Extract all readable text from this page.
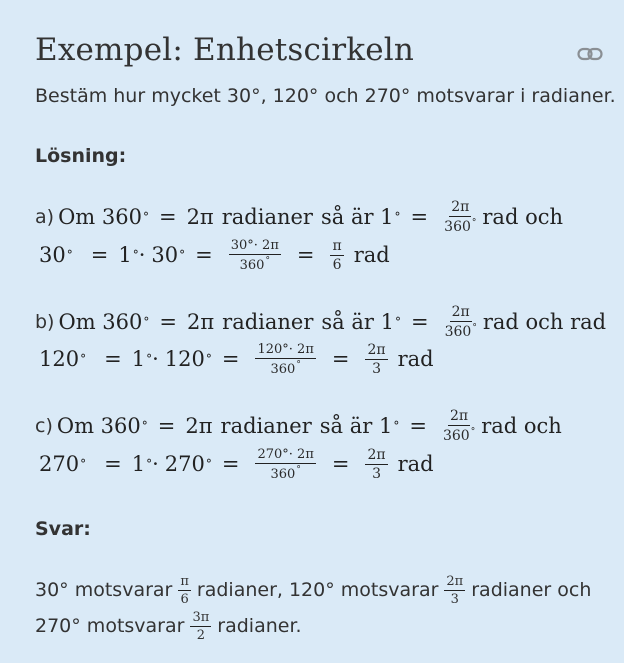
Exempel: Enhetscirkeln
Bestäm hur mycket 30°, 120° och 270° motsvarar i radianer.
Lösning:
a) Om 360 ° = 2π radianer så är 1 ° = $\frac{2\pi}{360^\circ}$ rad och
30 ° = 1 ° · 30 ° = $\frac{30^\circ\cdot 2\pi}{360^\circ} = \frac{\pi}{6}$ rad
b) Om 360 ° = 2π radianer så är 1 ° = $\frac{2\pi}{360^\circ}$ rad och rad
120 ° = 1 ° · 120 ° = $\frac{120^\circ\cdot 2\pi}{360^\circ} = \frac{2\pi}{3}$ rad
c) Om 360 ° = 2π radianer så är 1 ° = $\frac{2\pi}{360^\circ}$ rad och
270 ° = 1 ° · 270 ° = $\frac{270^\circ\cdot 2\pi}{360^\circ} = \frac{2\pi}{3}$ rad
Svar:
30° motsvarar $\frac{\pi}{6}$ radianer, 120° motsvarar $\frac{2\pi}{3}$ radianer och
270° motsvarar $\frac{3\pi}{2}$ radianer.
